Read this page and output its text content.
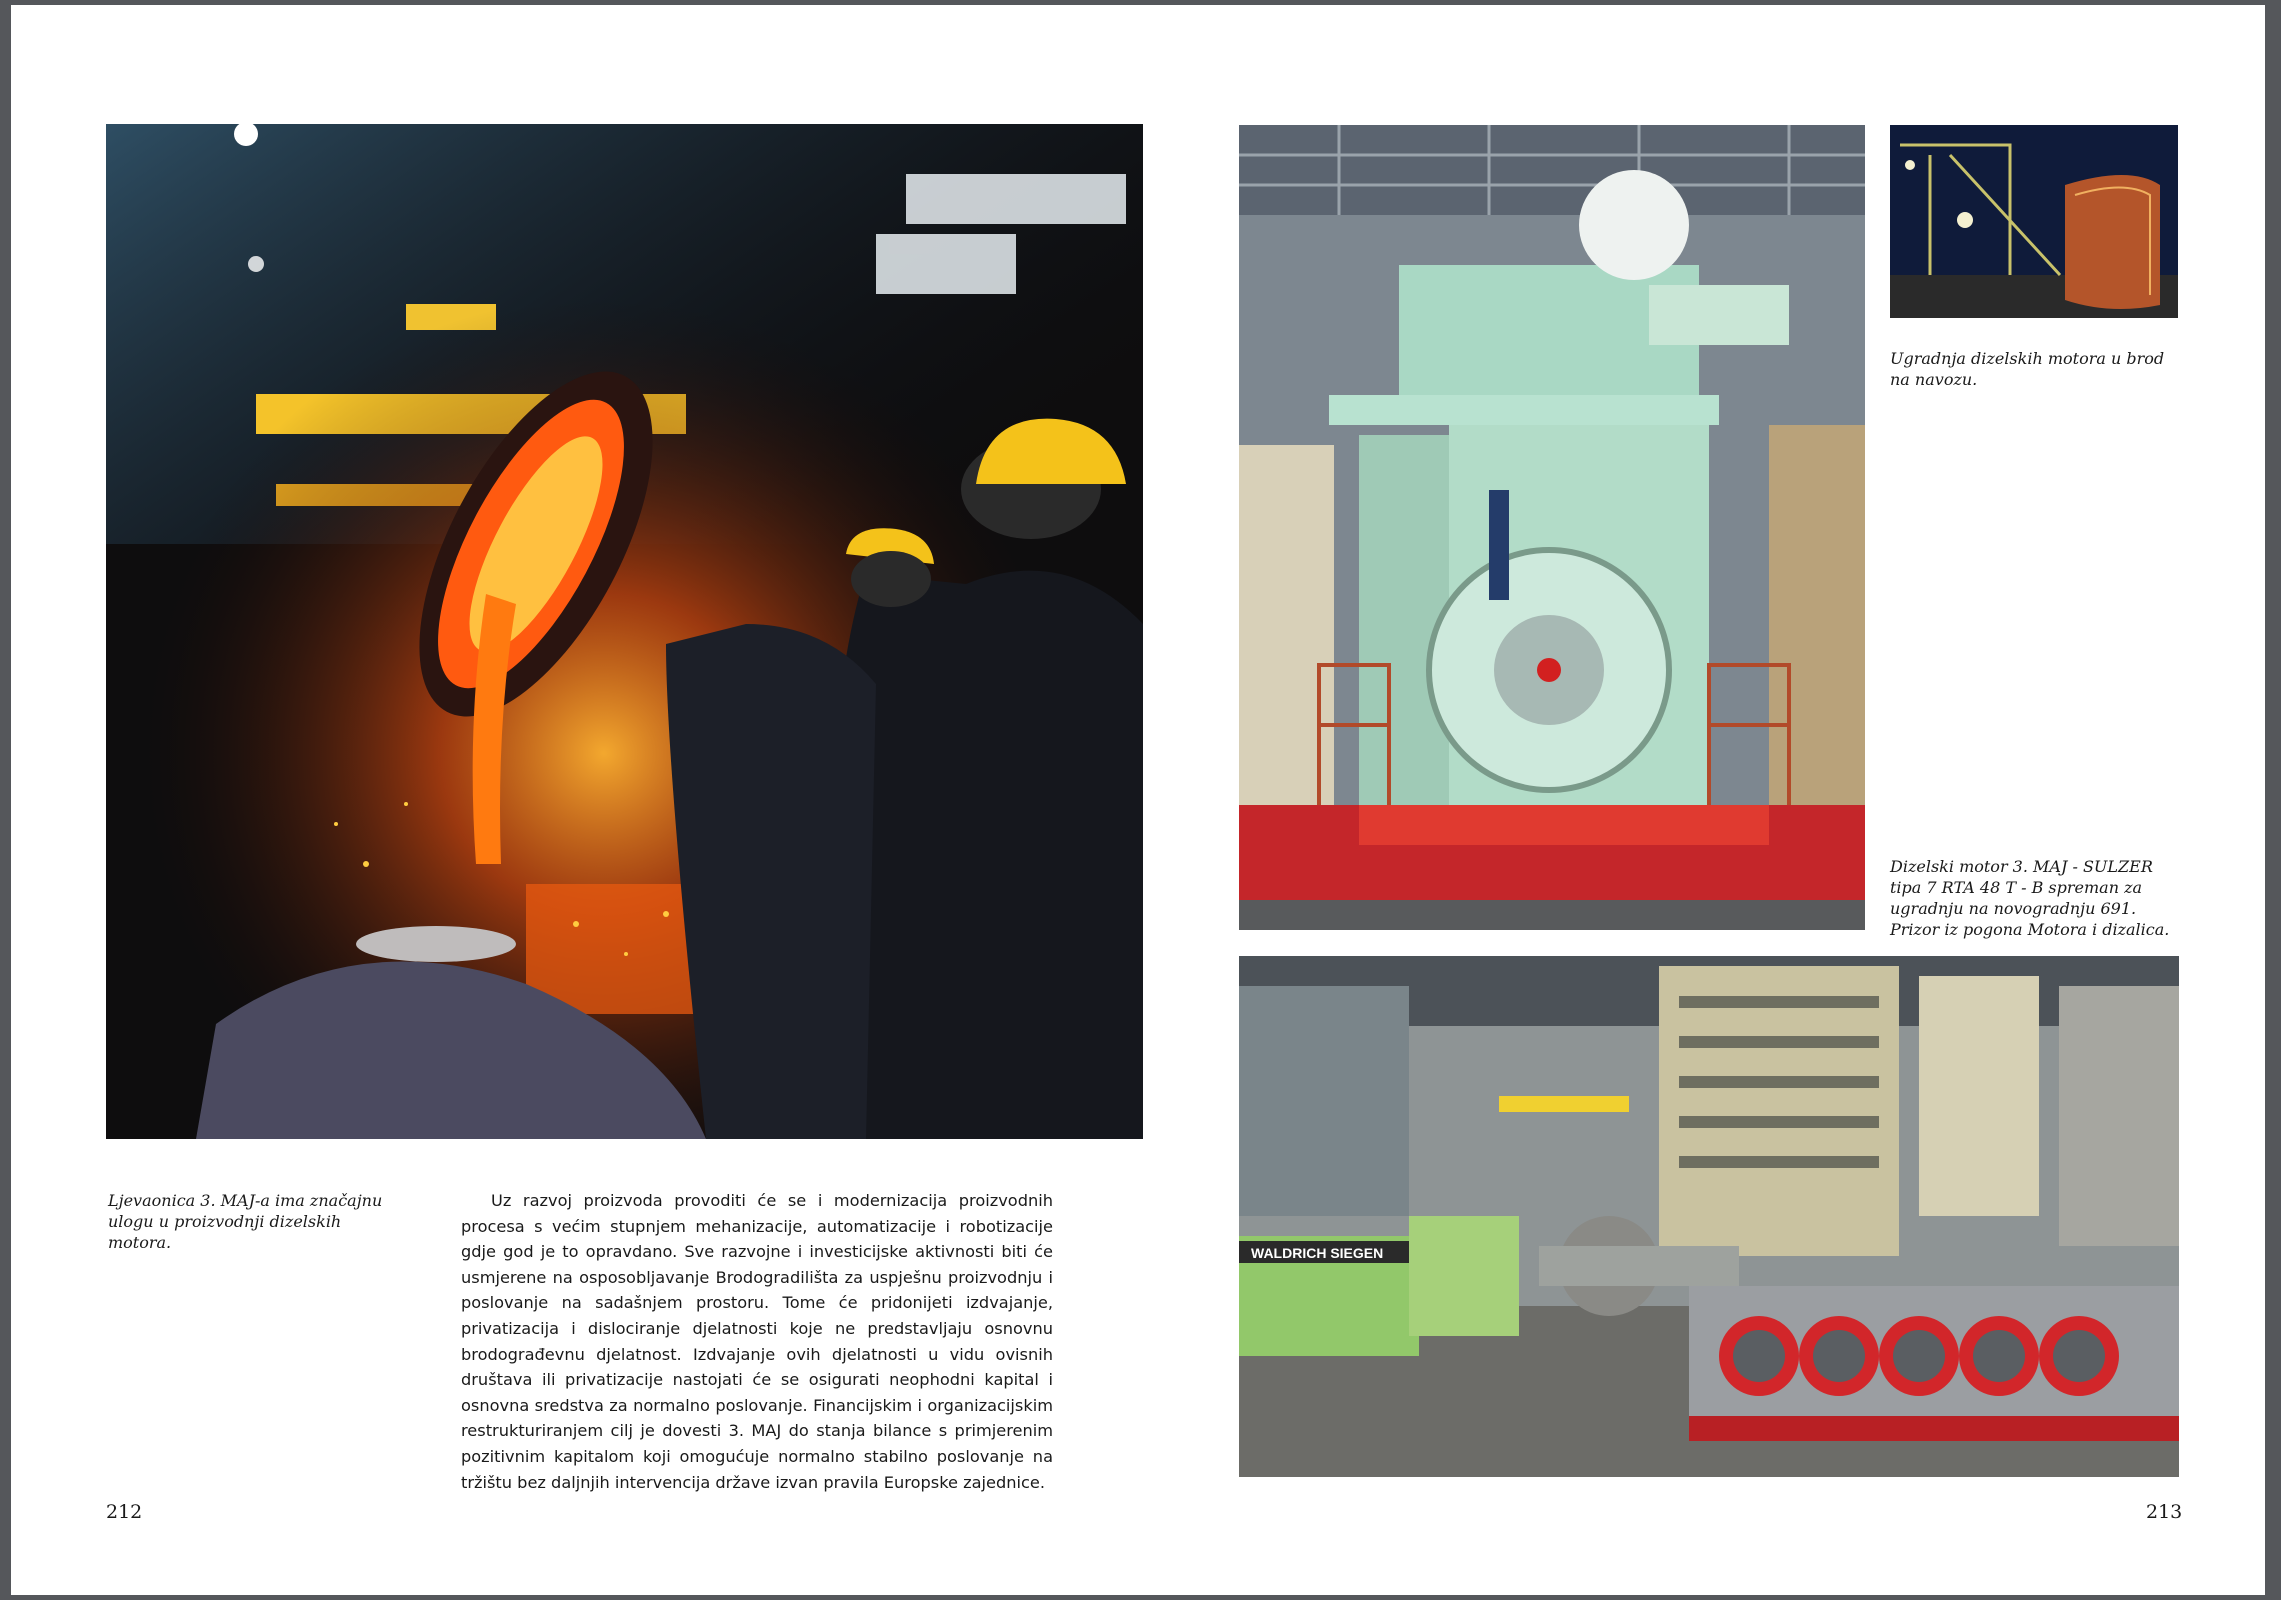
Ljevaonica 3. MAJ-a ima značajnu ulogu u proizvodnji dizelskih motora.

Uz razvoj proizvoda provoditi će se i modernizacija proizvodnih procesa s većim stupnjem mehanizacije, automatizacije i robotizacije gdje god je to opravdano. Sve razvojne i investicijske aktivnosti biti će usmjerene na osposobljavanje Brodogradilišta za uspješnu proizvodnju i poslovanje na sadašnjem prostoru. Tome će pridonijeti izdvajanje, privatizacija i dislociranje djelatnosti koje ne predstavljaju osnovnu brodograđevnu djelatnost. Izdvajanje ovih djelatnosti u vidu ovisnih društava ili privatizacije nastojati će se osigurati neophodni kapital i osnovna sredstva za normalno poslovanje. Financijskim i organizacijskim restrukturiranjem cilj je dovesti 3. MAJ do stanja bilance s primjerenim pozitivnim kapitalom koji omogućuje normalno stabilno poslovanje na tržištu bez daljnjih intervencija države izvan pravila Europske zajednice.

212
Ugradnja dizelskih motora u brod na navozu.
Dizelski motor 3. MAJ - SULZER tipa 7 RTA 48 T - B spreman za ugradnju na novogradnju 691. Prizor iz pogona Motora i dizalica.
WALDRICH SIEGEN
213
